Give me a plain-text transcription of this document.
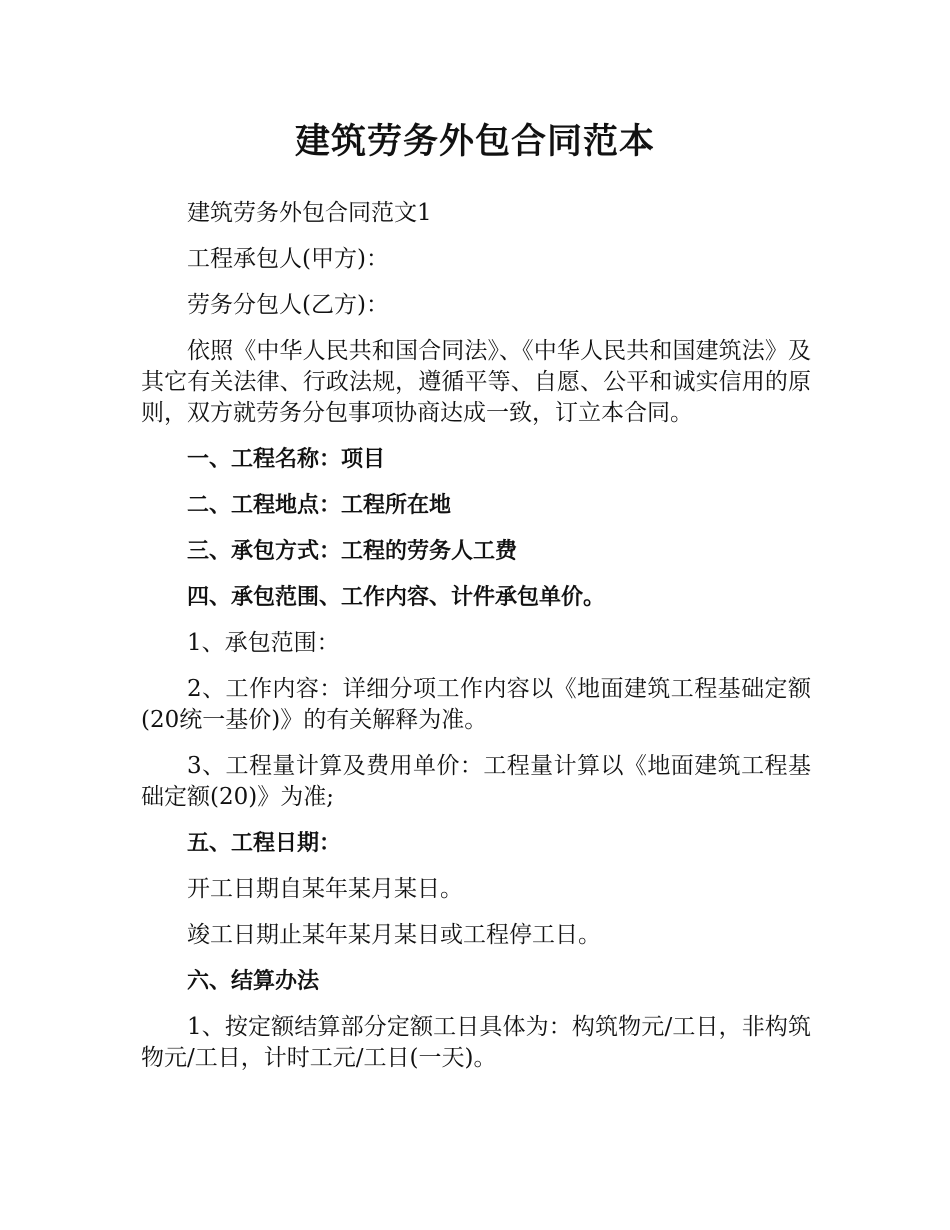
建筑劳务外包合同范本

建筑劳务外包合同范文1

工程承包人(甲方)：

劳务分包人(乙方)：

依照《中华人民共和国合同法》、《中华人民共和国建筑法》及其它有关法律、行政法规，遵循平等、自愿、公平和诚实信用的原则，双方就劳务分包事项协商达成一致，订立本合同。

一、工程名称：项目

二、工程地点：工程所在地

三、承包方式：工程的劳务人工费

四、承包范围、工作内容、计件承包单价。

1、承包范围：

2、工作内容：详细分项工作内容以《地面建筑工程基础定额(20统一基价)》的有关解释为准。

3、工程量计算及费用单价：工程量计算以《地面建筑工程基础定额(20)》为准;

五、工程日期：

开工日期自某年某月某日。

竣工日期止某年某月某日或工程停工日。

六、结算办法

1、按定额结算部分定额工日具体为：构筑物元/工日，非构筑物元/工日，计时工元/工日(一天)。
